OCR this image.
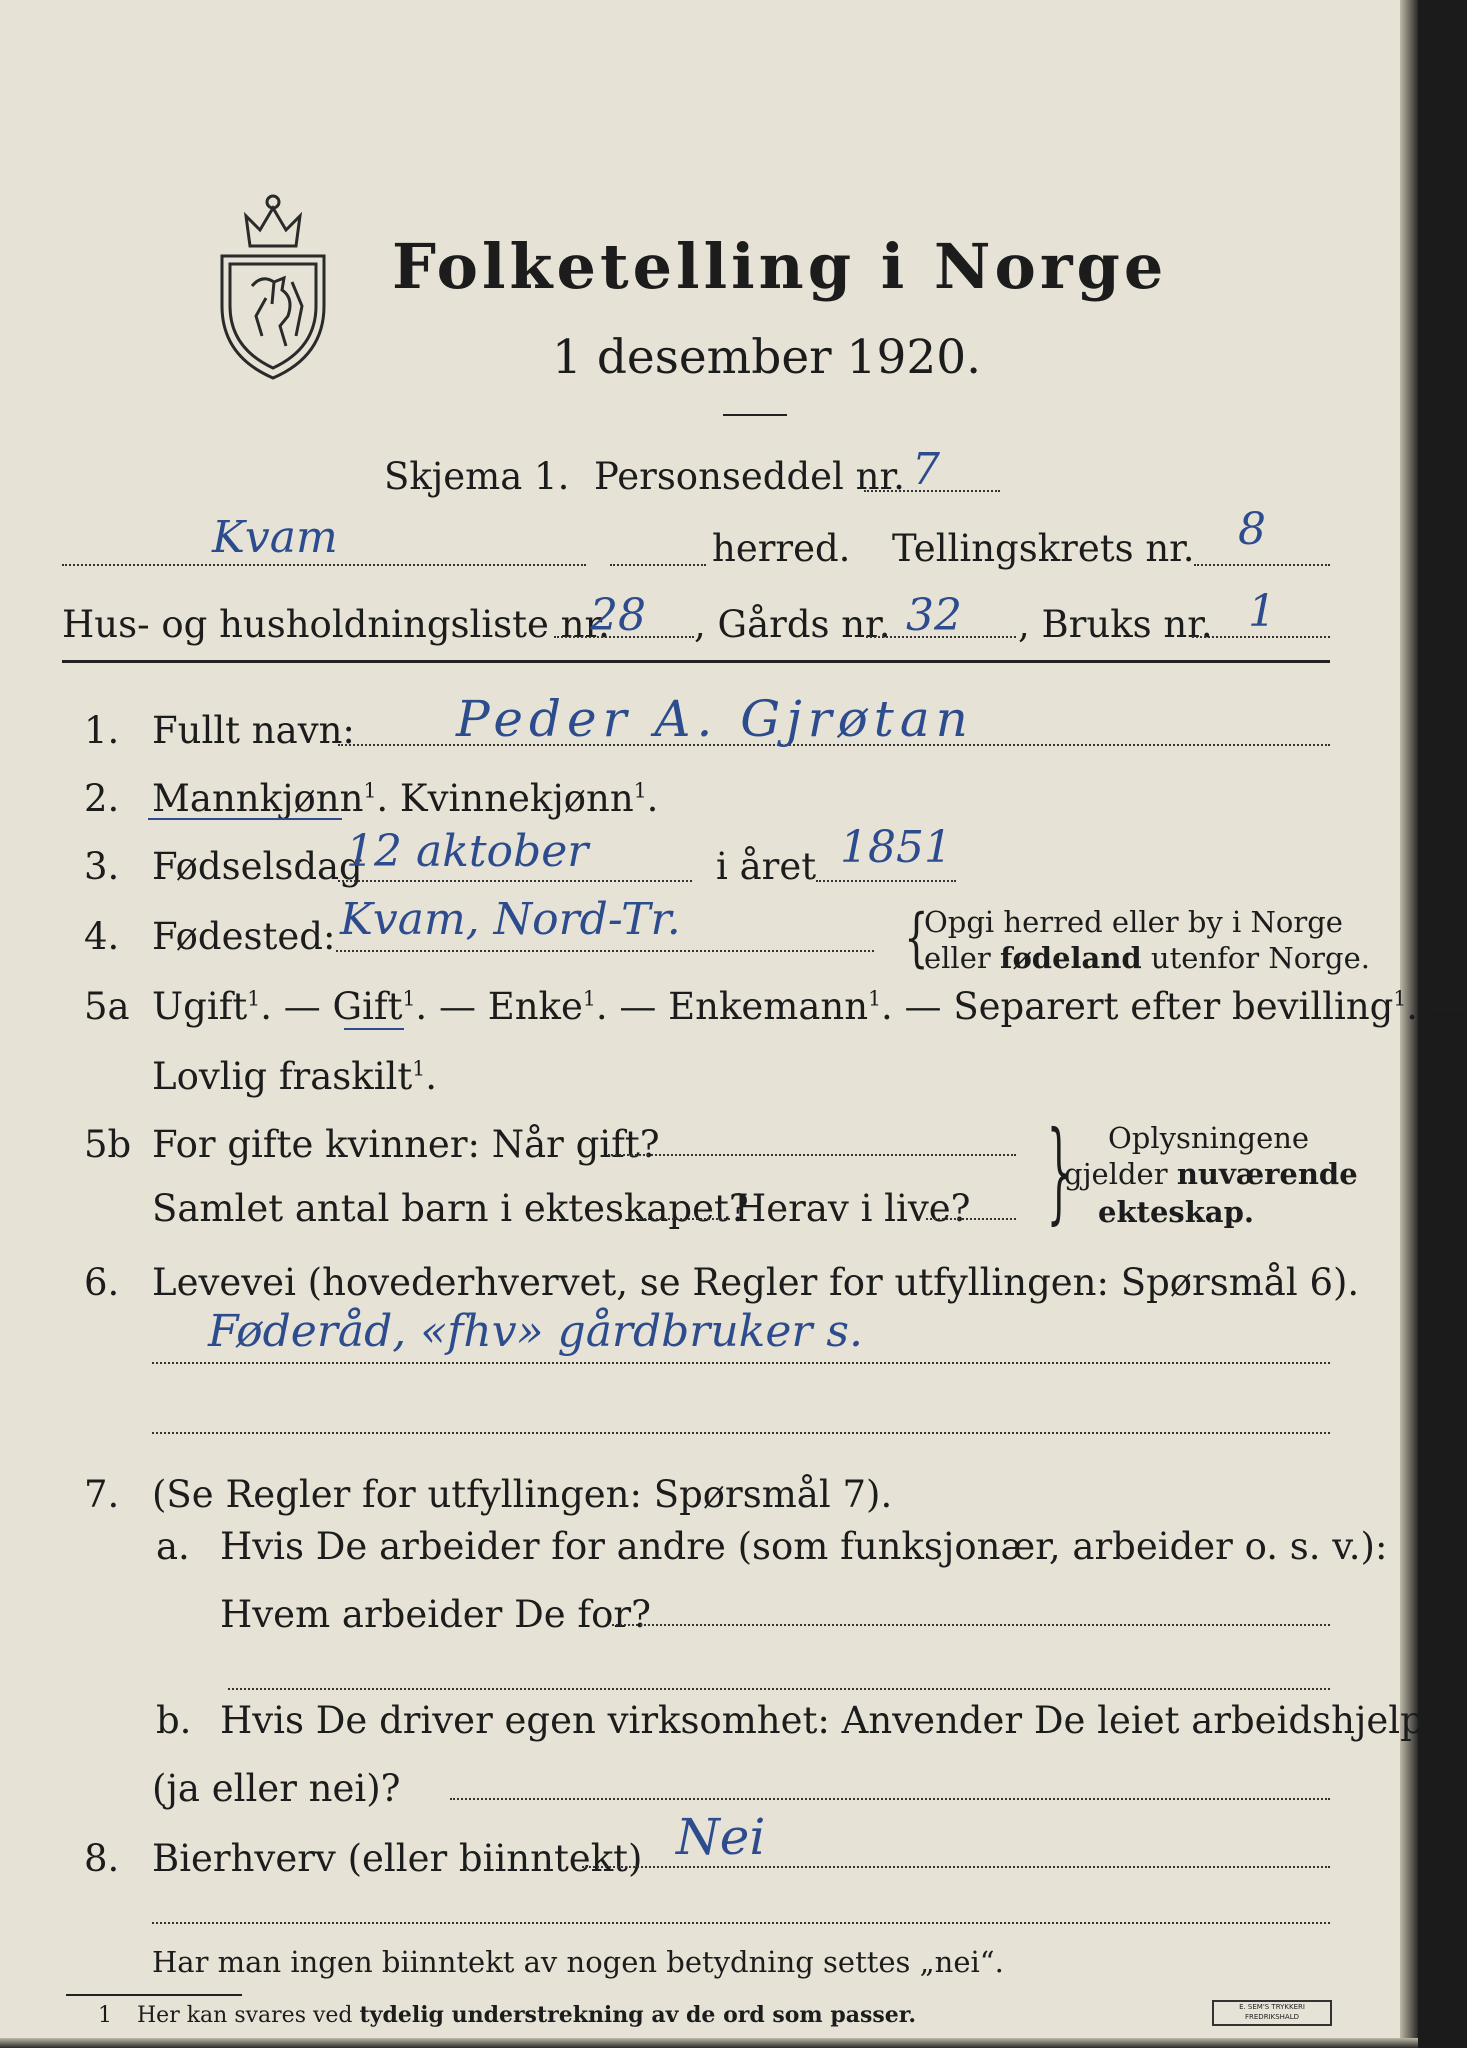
Folketelling i Norge
1 desember 1920.
Skjema 1. Personseddel nr. 7
Kvam	herred. Tellingskrets nr. 8
Hus- og husholdningsliste nr.
28 , Gårds nr. 32 , Bruks nr. 1
1. Fullt navn: Peder A. Gjrøtan
2. Mannkjønn$^1$. Kvinnekjønn$^1$.
3. Fødselsdag
12 aktober	i året 1851
4. Fødested: Kvam, Nord-Tr.	{
Opgi herred eller by i Norge
eller fødeland utenfor Norge.
5a Ugift$^1$. — Gift$^1$. — Enke$^1$. — Enkemann$^1$. — Separert efter bevilling$^1$. —
Lovlig fraskilt$^1$.
5b For gifte kvinner: Når gift?
Samlet antal barn i ekteskapet?
Herav i live? } Oplysningene
gjelder nuværende
ekteskap.
6. Levevei (hovederhvervet, se Regler for utfyllingen: Spørsmål 6).
Føderåd, «fhv» gårdbruker s.
7. (Se Regler for utfyllingen: Spørsmål 7).
a. Hvis De arbeider for andre (som funksjonær, arbeider o. s. v.):
Hvem arbeider De for?
b. Hvis De driver egen virksomhet: Anvender De leiet arbeidshjelp
(ja eller nei)?
8. Bierhverv (eller biinntekt) Nei
Har man ingen biinntekt av nogen betydning settes „nei“.
1 Her kan svares ved tydelig understrekning av de ord som passer.	E. SEM'S TRYKKERI FREDRIKSHALD
